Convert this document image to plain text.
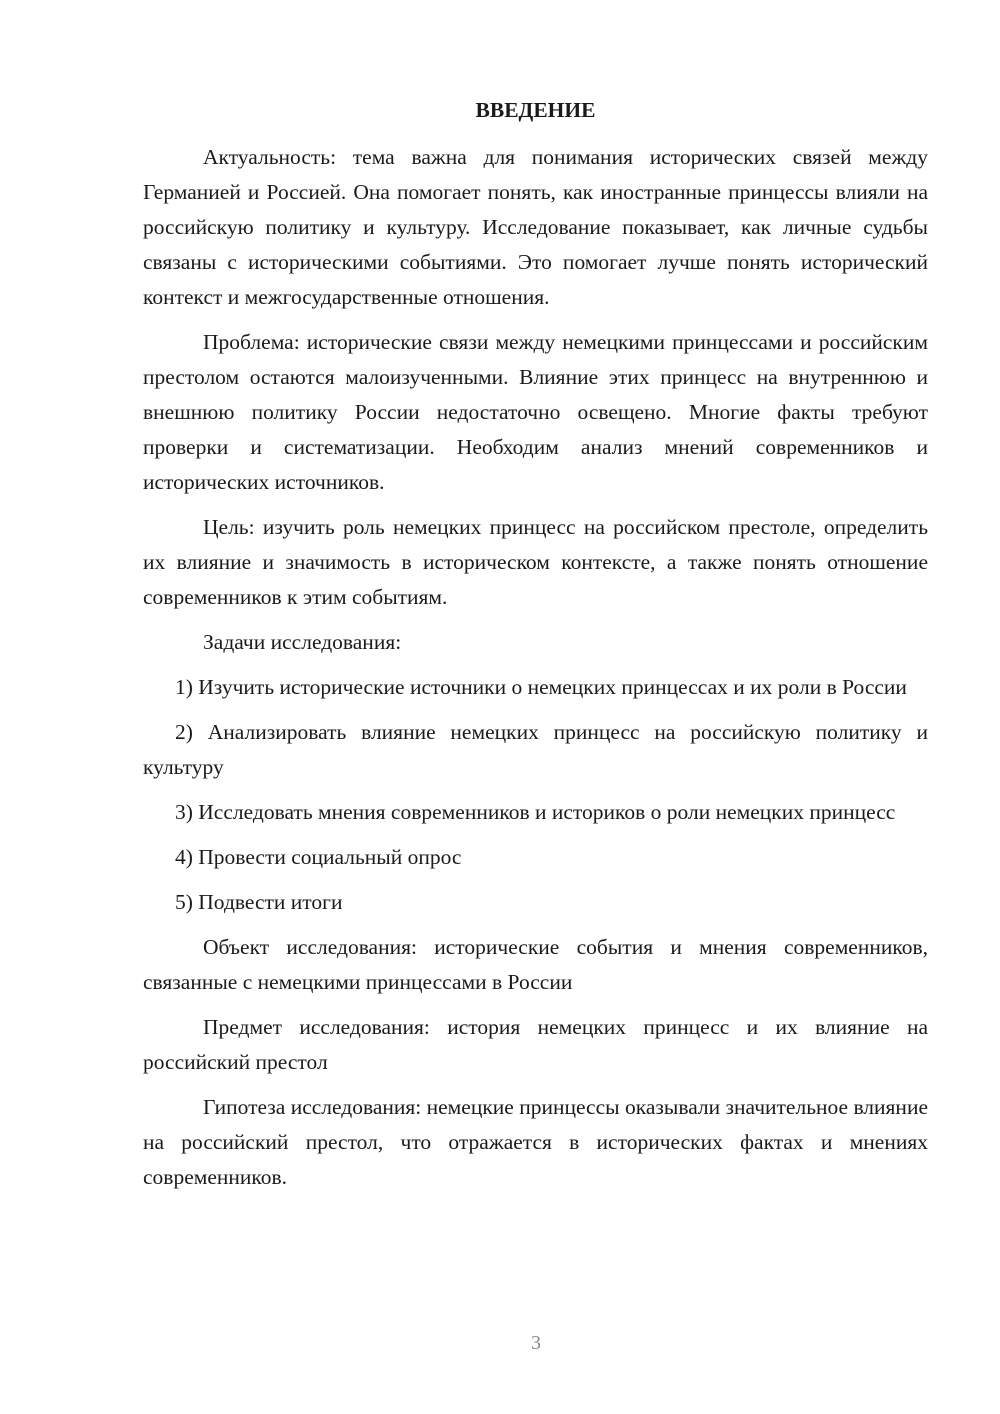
ВВЕДЕНИЕ

Актуальность: тема важна для понимания исторических связей между Германией и Россией. Она помогает понять, как иностранные принцессы влияли на российскую политику и культуру. Исследование показывает, как личные судьбы связаны с историческими событиями. Это помогает лучше понять исторический контекст и межгосударственные отношения.

Проблема: исторические связи между немецкими принцессами и российским престолом остаются малоизученными. Влияние этих принцесс на внутреннюю и внешнюю политику России недостаточно освещено. Многие факты требуют проверки и систематизации. Необходим анализ мнений современников и исторических источников.

Цель: изучить роль немецких принцесс на российском престоле, определить их влияние и значимость в историческом контексте, а также понять отношение современников к этим событиям.

Задачи исследования:

1) Изучить исторические источники о немецких принцессах и их роли в России

2) Анализировать влияние немецких принцесс на российскую политику и культуру

3) Исследовать мнения современников и историков о роли немецких принцесс

4) Провести социальный опрос

5) Подвести итоги

Объект исследования: исторические события и мнения современников, связанные с немецкими принцессами в России

Предмет исследования: история немецких принцесс и их влияние на российский престол

Гипотеза исследования: немецкие принцессы оказывали значительное влияние на российский престол, что отражается в исторических фактах и мнениях современников.

3
